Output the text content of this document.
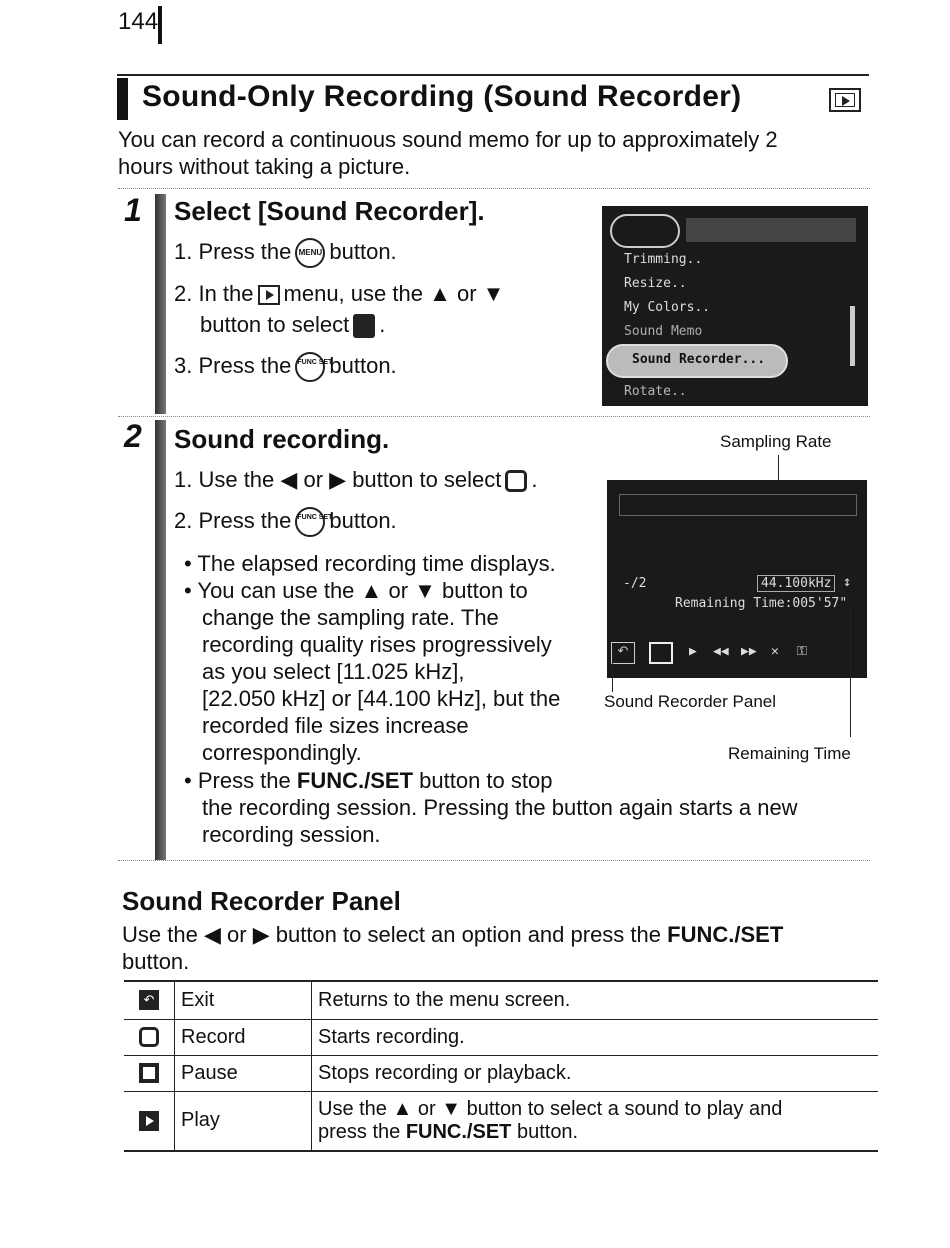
144
Sound-Only Recording (Sound Recorder)
You can record a continuous sound memo for up to approximately 2
hours without taking a picture.
1 Select [Sound Recorder].
1. Press the MENU button.
2. In the menu, use the ▲ or ▼
button to select .
3. Press the FUNC SETbutton.
Trimming..
Resize..
My Colors..
Sound Memo
Sound Recorder...
Rotate..
2 Sound recording.
1. Use the ◀ or ▶ button to select .
2. Press the FUNC SETbutton.
• The elapsed recording time displays.
• You can use the ▲ or ▼ button to
change the sampling rate. The
recording quality rises progressively
as you select [11.025 kHz],
[22.050 kHz] or [44.100 kHz], but the
recorded file sizes increase
correspondingly.
• Press the FUNC./SET button to stop
the recording session. Pressing the button again starts a new
recording session.
Sampling Rate
-/2	44.100kHz ↕
Remaining Time:005'57"
↶	▶ ◀◀ ▶▶ ✕ ⚿
Sound Recorder Panel
Remaining Time
Sound Recorder Panel
Use the ◀ or ▶ button to select an option and press the FUNC./SET
button.
↶	Exit	Returns to the menu screen.
	Record	Starts recording.
	Pause	Stops recording or playback.

	Play	Use the ▲ or ▼ button to select a sound to play and
press the FUNC./SET button.
